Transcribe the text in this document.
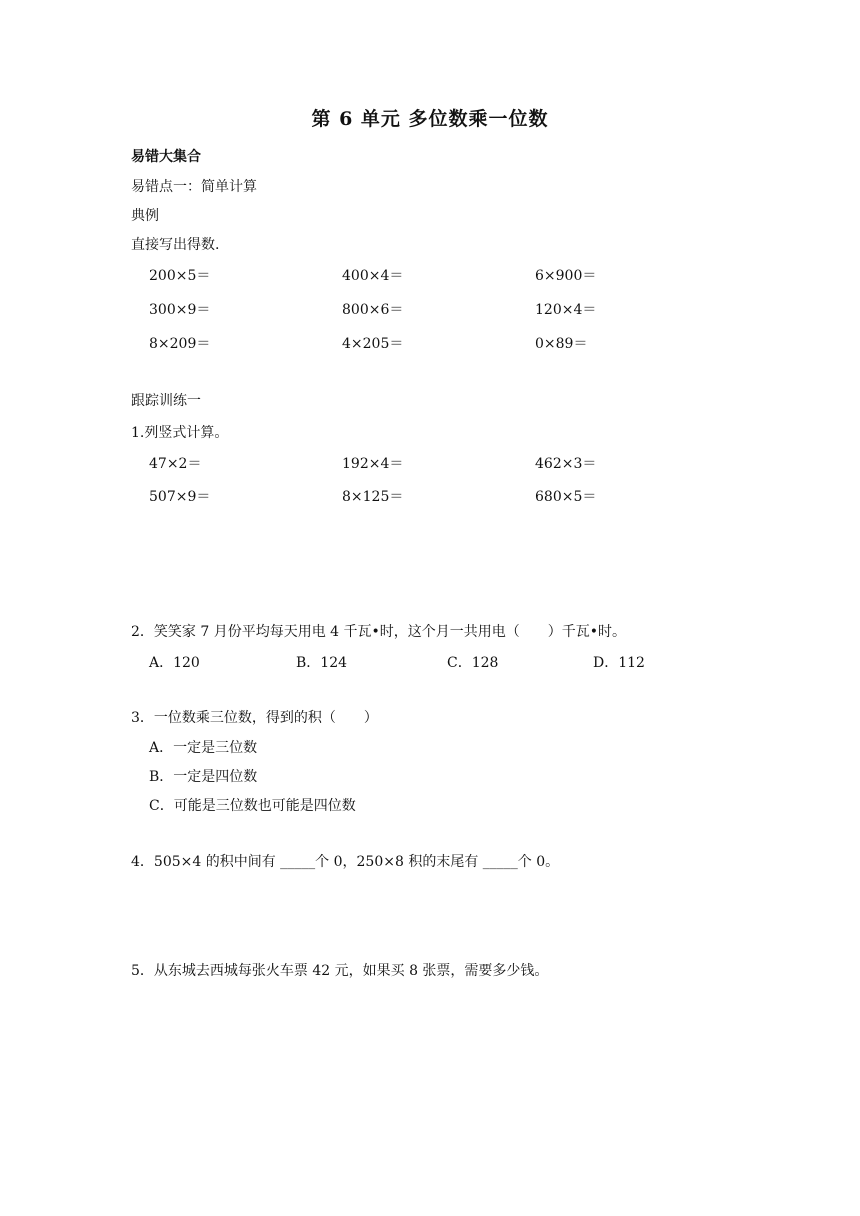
第 6 单元 多位数乘一位数
易错大集合
易错点一：简单计算
典例
直接写出得数.
200×5＝	400×4＝	6×900＝
300×9＝	800×6＝	120×4＝
8×209＝	4×205＝	0×89＝
跟踪训练一
1.列竖式计算。
47×2＝	192×4＝	462×3＝
507×9＝	8×125＝	680×5＝
2．笑笑家 7 月份平均每天用电 4 千瓦•时，这个月一共用电（　　）千瓦•时。
A．120	B．124	C．128	D．112
3．一位数乘三位数，得到的积（　　）
A．一定是三位数
B．一定是四位数
C．可能是三位数也可能是四位数
4．505×4 的积中间有 _____个 0，250×8 积的末尾有 _____个 0。
5．从东城去西城每张火车票 42 元，如果买 8 张票，需要多少钱。
